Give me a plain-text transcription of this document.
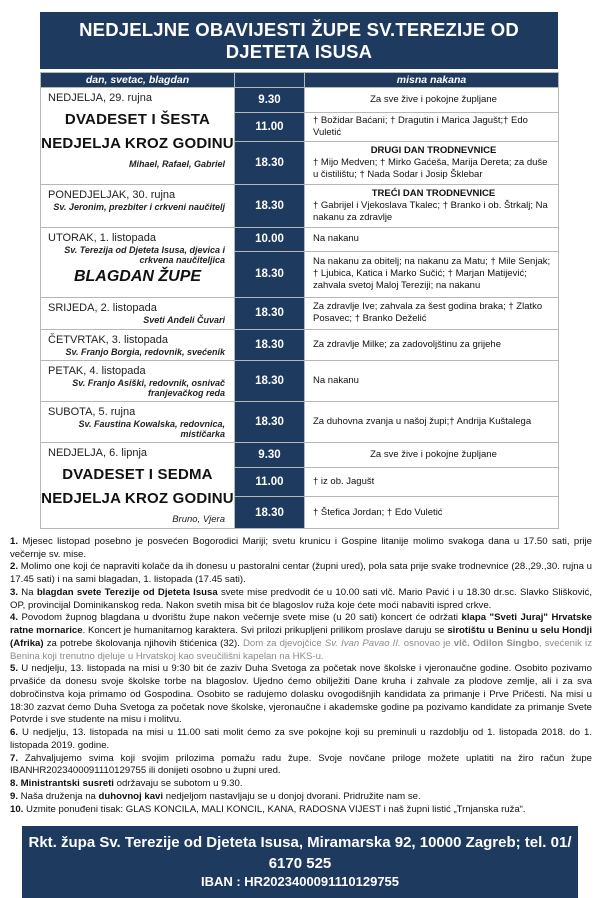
NEDJELJNE OBAVIJESTI ŽUPE SV.TEREZIJE OD DJETETA ISUSA
dan, svetac, blagdan		misna nakana

NEDJELJA, 29. rujna
DVADESET I ŠESTA
NEDJELJA KROZ GODINU
Mihael, Rafael, Gabriel	9.30	Za sve žive i pokojne župljane
	11.00	† Božidar Baćani; † Dragutin i Marica Jagušt;† Edo Vuletić
	18.30	DRUGI DAN TRODNEVNICE
† Mijo Medven; † Mirko Gaćeša, Marija Dereta; za duše u čistilištu; † Nada Sodar i Josip Šklebar

PONEDJELJAK, 30. rujna
Sv. Jeronim, prezbiter i crkveni naučitelj	18.30	
TREĆI DAN TRODNEVNICE
† Gabrijel i Vjekoslava Tkalec; † Branko i ob. Štrkalj; Na nakanu za zdravlje

UTORAK, 1. listopada
Sv. Terezija od Djeteta Isusa, djevica i crkvena naučiteljica
BLAGDAN ŽUPE	10.00	Na nakanu
	18.30	Na nakanu za obitelj; na nakanu za Matu; † Mile Senjak; † Ljubica, Katica i Marko Sučić; † Marjan Matijević; zahvala svetoj Maloj Tereziji; na nakanu

SRIJEDA, 2. listopada
Sveti Anđeli Čuvari	18.30	Za zdravlje Ive; zahvala za šest godina braka; † Zlatko Posavec; † Branko Deželić

ČETVRTAK, 3. listopada
Sv. Franjo Borgia, redovnik, svećenik	18.30	Za zdravlje Milke; za zadovoljštinu za grijehe

PETAK, 4. listopada
Sv. Franjo Asiški, redovnik, osnivač franjevačkog reda	18.30	Na nakanu

SUBOTA, 5. rujna
Sv. Faustina Kowalska, redovnica, mističarka	18.30	Za duhovna zvanja u našoj župi;† Andrija Kuštalega

NEDJELJA, 6. lipnja
DVADESET I SEDMA
NEDJELJA KROZ GODINU
Bruno, Vjera	9.30	Za sve žive i pokojne župljane
	11.00	† iz ob. Jagušt
	18.30	† Štefica Jordan; † Edo Vuletić

1. Mjesec listopad posebno je posvećen Bogorodici Mariji; svetu krunicu i Gospine litanije molimo svakoga dana u 17.50 sati, prije večernje sv. mise.

2. Molimo one koji će napraviti kolače da ih donesu u pastoralni centar (župni ured), pola sata prije svake trodnevnice (28.,29.,30. rujna u 17.45 sati) i na sami blagadan, 1. listopada (17.45 sati).

3. Na blagdan svete Terezije od Djeteta Isusa svete mise predvodit će u 10.00 sati vlč. Mario Pavić i u 18.30 dr.sc. Slavko Slišković, OP, provincijal Dominikanskog reda. Nakon svetih misa bit će blagoslov ruža koje ćete moći nabaviti ispred crkve.

4. Povodom župnog blagdana u dvorištu župe nakon večernje svete mise (u 20 sati) koncert će održati klapa "Sveti Juraj" Hrvatske ratne mornarice. Koncert je humanitarnog karaktera. Svi prilozi prikupljeni prilikom proslave daruju se sirotištu u Beninu u selu Hondji (Afrika) za potrebe školovanja njihovih štićenica (32). Dom za djevojčice Sv. Ivan Pavao II. osnovao je vlč. Odilon Singbo, svećenik iz Benina koji trenutno djeluje u Hrvatskoj kao sveučilišni kapelan na HKS-u.

5. U nedjelju, 13. listopada na misi u 9:30 bit će zaziv Duha Svetoga za početak nove školske i vjeronaučne godine. Osobito pozivamo prvašiće da donesu svoje školske torbe na blagoslov. Ujedno ćemo obilježiti Dane kruha i zahvale za plodove zemlje, ali i za sva dobročinstva koja primamo od Gospodina. Osobito se radujemo dolasku ovogodišnjih kandidata za primanje i Prve Pričesti. Na misi u 18:30 zazvat ćemo Duha Svetoga za početak nove školske, vjeronaučne i akademske godine pa pozivamo kandidate za primanje Svete Potvrde i sve studente na misu i molitvu.

6. U nedjelju, 13. listopada na misi u 11.00 sati molit ćemo za sve pokojne koji su preminuli u razdoblju od 1. listopada 2018. do 1. listopada 2019. godine.

7. Zahvaljujemo svima koji svojim prilozima pomažu radu župe. Svoje novčane priloge možete uplatiti na žiro račun župe IBANHR2023400091110129755 ili donijeti osobno u župni ured.

8. Ministrantski susreti održavaju se subotom u 9.30.

9. Naša druženja na duhovnoj kavi nedjeljom nastavljaju se u donjoj dvorani. Pridružite nam se.

10. Uzmite ponuđeni tisak: GLAS KONCILA, MALI KONCIL, KANA, RADOSNA VIJEST i naš župni listić „Trnjanska ruža“.

Rkt. župa Sv. Terezije od Djeteta Isusa, Miramarska 92, 10000 Zagreb; tel. 01/ 6170 525
IBAN : HR2023400091110129755
